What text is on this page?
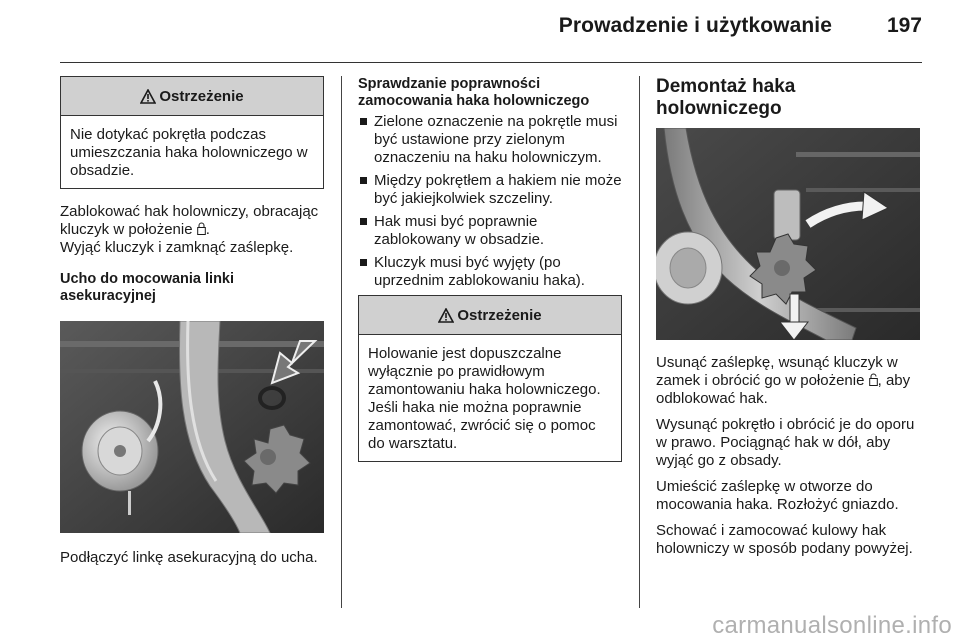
Prowadzenie i użytkowanie	197
Ostrzeżenie
Nie dotykać pokrętła podczas umieszczania haka holowniczego w obsadzie.

Zablokować hak holowniczy, obracając kluczyk w położenie .

Wyjąć kluczyk i zamknąć zaślepkę.

Ucho do mocowania linki asekuracyjnej

Podłączyć linkę asekuracyjną do ucha.

Sprawdzanie poprawności zamocowania haka holowniczego

Zielone oznaczenie na pokrętle musi być ustawione przy zielonym oznaczeniu na haku holowniczym.
Między pokrętłem a hakiem nie może być jakiejkolwiek szczeliny.
Hak musi być poprawnie zablokowany w obsadzie.
Kluczyk musi być wyjęty (po uprzednim zablokowaniu haka).
Ostrzeżenie
Holowanie jest dopuszczalne wyłącznie po prawidłowym zamontowaniu haka holowniczego. Jeśli haka nie można poprawnie zamontować, zwrócić się o pomoc do warsztatu.
Demontaż haka holowniczego

Usunąć zaślepkę, wsunąć kluczyk w zamek i obrócić go w położenie , aby odblokować hak.

Wysunąć pokrętło i obrócić je do oporu w prawo. Pociągnąć hak w dół, aby wyjąć go z obsady.

Umieścić zaślepkę w otworze do mocowania haka. Rozłożyć gniazdo.

Schować i zamocować kulowy hak holowniczy w sposób podany powyżej.

carmanualsonline.info
